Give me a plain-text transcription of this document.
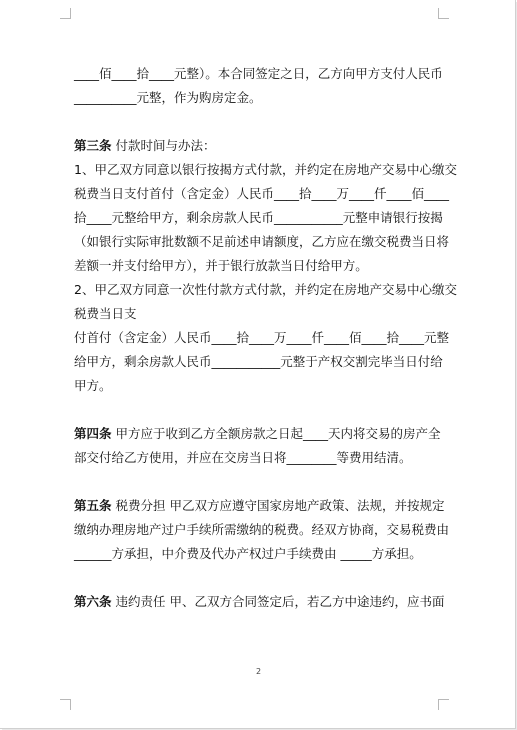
____佰____拾____元整）。本合同签定之日，乙方向甲方支付人民币
__________元整，作为购房定金。
第三条 付款时间与办法：
1、甲乙双方同意以银行按揭方式付款，并约定在房地产交易中心缴交
税费当日支付首付（含定金）人民币____拾____万____仟____佰____
拾____元整给甲方，剩余房款人民币___________元整申请银行按揭
（如银行实际审批数额不足前述申请额度，乙方应在缴交税费当日将
差额一并支付给甲方），并于银行放款当日付给甲方。
2、甲乙双方同意一次性付款方式付款，并约定在房地产交易中心缴交
税费当日支
付首付（含定金）人民币____拾____万____仟____佰____拾____元整
给甲方，剩余房款人民币___________元整于产权交割完毕当日付给
甲方。
第四条 甲方应于收到乙方全额房款之日起____天内将交易的房产全
部交付给乙方使用，并应在交房当日将________等费用结清。
第五条 税费分担 甲乙双方应遵守国家房地产政策、法规，并按规定
缴纳办理房地产过户手续所需缴纳的税费。经双方协商，交易税费由
______方承担，中介费及代办产权过户手续费由 _____方承担。
第六条 违约责任 甲、乙双方合同签定后，若乙方中途违约，应书面
2
